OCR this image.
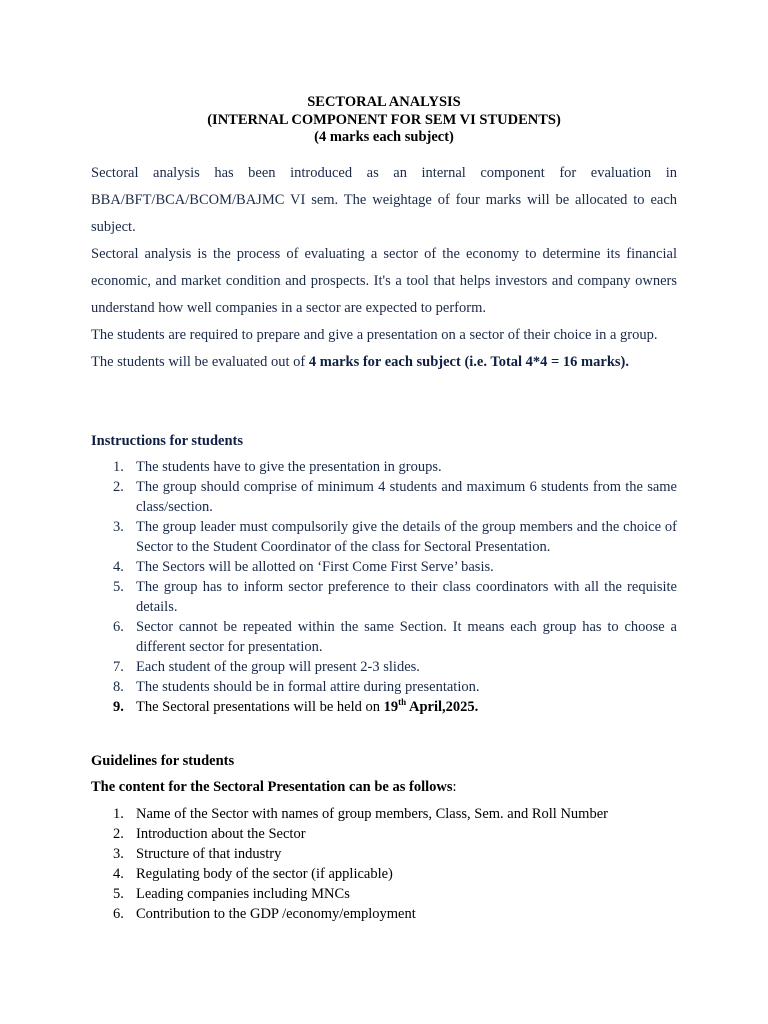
SECTORAL ANALYSIS
(INTERNAL COMPONENT FOR SEM VI STUDENTS)
(4 marks each subject)
Sectoral analysis has been introduced as an internal component for evaluation in BBA/BFT/BCA/BCOM/BAJMC VI sem. The weightage of four marks will be allocated to each subject.
Sectoral analysis is the process of evaluating a sector of the economy to determine its financial economic, and market condition and prospects. It's a tool that helps investors and company owners understand how well companies in a sector are expected to perform.
The students are required to prepare and give a presentation on a sector of their choice in a group.
The students will be evaluated out of 4 marks for each subject (i.e. Total 4*4 = 16 marks).
Instructions for students
1. The students have to give the presentation in groups.
2. The group should comprise of minimum 4 students and maximum 6 students from the same class/section.
3. The group leader must compulsorily give the details of the group members and the choice of Sector to the Student Coordinator of the class for Sectoral Presentation.
4. The Sectors will be allotted on ‘First Come First Serve’ basis.
5. The group has to inform sector preference to their class coordinators with all the requisite details.
6. Sector cannot be repeated within the same Section. It means each group has to choose a different sector for presentation.
7. Each student of the group will present 2-3 slides.
8. The students should be in formal attire during presentation.
9. The Sectoral presentations will be held on 19th April,2025.
Guidelines for students
The content for the Sectoral Presentation can be as follows:
1. Name of the Sector with names of group members, Class, Sem. and Roll Number
2. Introduction about the Sector
3. Structure of that industry
4. Regulating body of the sector (if applicable)
5. Leading companies including MNCs
6. Contribution to the GDP /economy/employment
